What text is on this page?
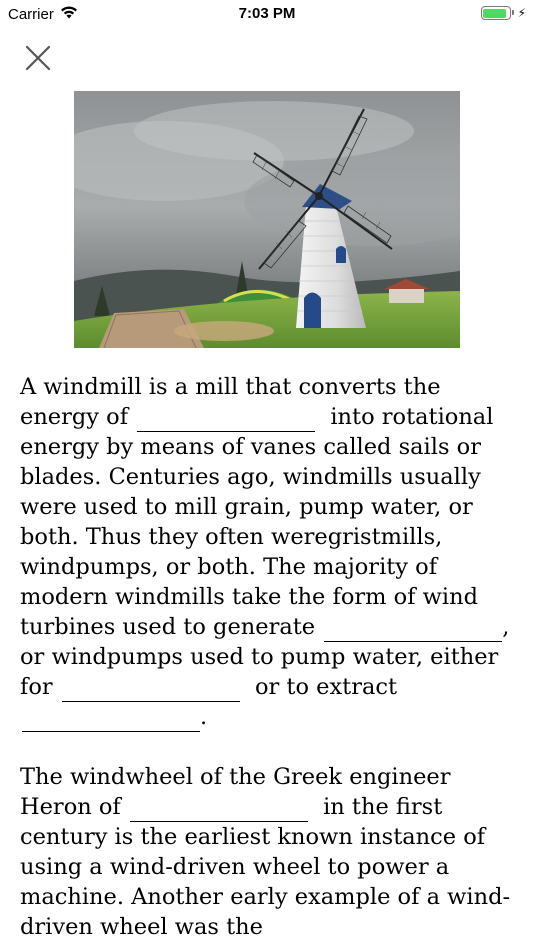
Carrier	7:03 PM	⚡

A windmill is a mill that converts the energy of	into rotational energy by means of vanes called sails or blades. Centuries ago, windmills usually were used to mill grain, pump water, or both. Thus they often weregristmills, windpumps, or both. The majority of modern windmills take the form of wind turbines used to generate	, or windpumps used to pump water, either for	or to extract .

The windwheel of the Greek engineer Heron of	in the first century is the earliest known instance of using a wind-driven wheel to power a machine. Another early example of a wind-driven wheel was the
